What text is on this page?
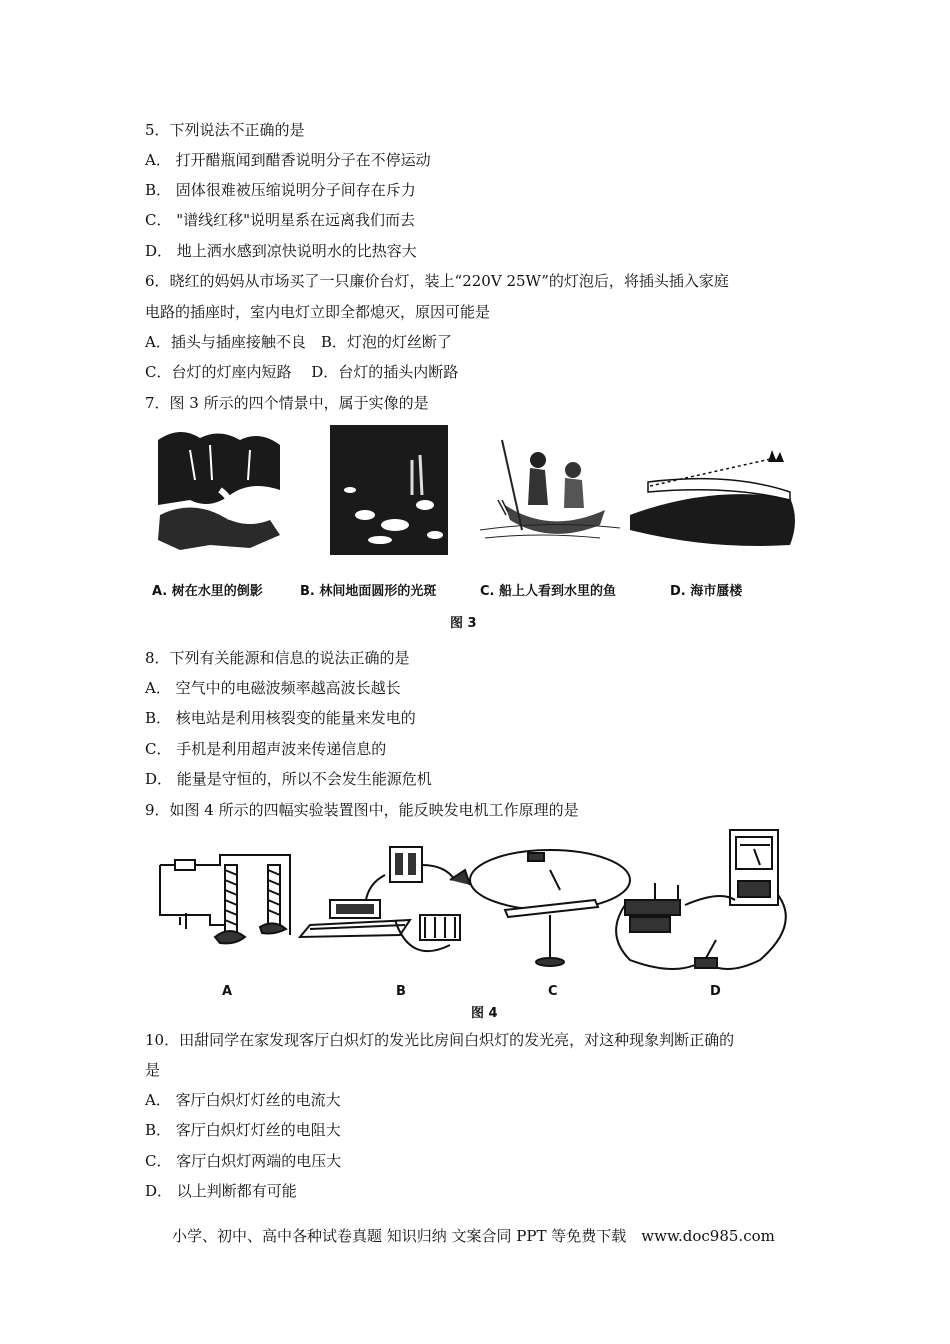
5．下列说法不正确的是
A． 打开醋瓶闻到醋香说明分子在不停运动
B． 固体很难被压缩说明分子间存在斥力
C． "谱线红移"说明星系在远离我们而去
D． 地上洒水感到凉快说明水的比热容大
6．晓红的妈妈从市场买了一只廉价台灯，装上“220V 25W”的灯泡后，将插头插入家庭
电路的插座时，室内电灯立即全都熄灭，原因可能是
A．插头与插座接触不良　B．灯泡的灯丝断了
C．台灯的灯座内短路　 D．台灯的插头内断路
7．图 3 所示的四个情景中，属于实像的是
A. 树在水里的倒影	B. 林间地面圆形的光斑	C. 船上人看到水里的鱼	D. 海市蜃楼
图 3
8．下列有关能源和信息的说法正确的是
A． 空气中的电磁波频率越高波长越长
B． 核电站是利用核裂变的能量来发电的
C． 手机是利用超声波来传递信息的
D． 能量是守恒的，所以不会发生能源危机
9．如图 4 所示的四幅实验装置图中，能反映发电机工作原理的是
A	B	C	D
图 4
10．田甜同学在家发现客厅白炽灯的发光比房间白炽灯的发光亮，对这种现象判断正确的
是
A． 客厅白炽灯灯丝的电流大
B． 客厅白炽灯灯丝的电阻大
C． 客厅白炽灯两端的电压大
D． 以上判断都有可能
小学、初中、高中各种试卷真题 知识归纳 文案合同 PPT 等免费下载　www.doc985.com
